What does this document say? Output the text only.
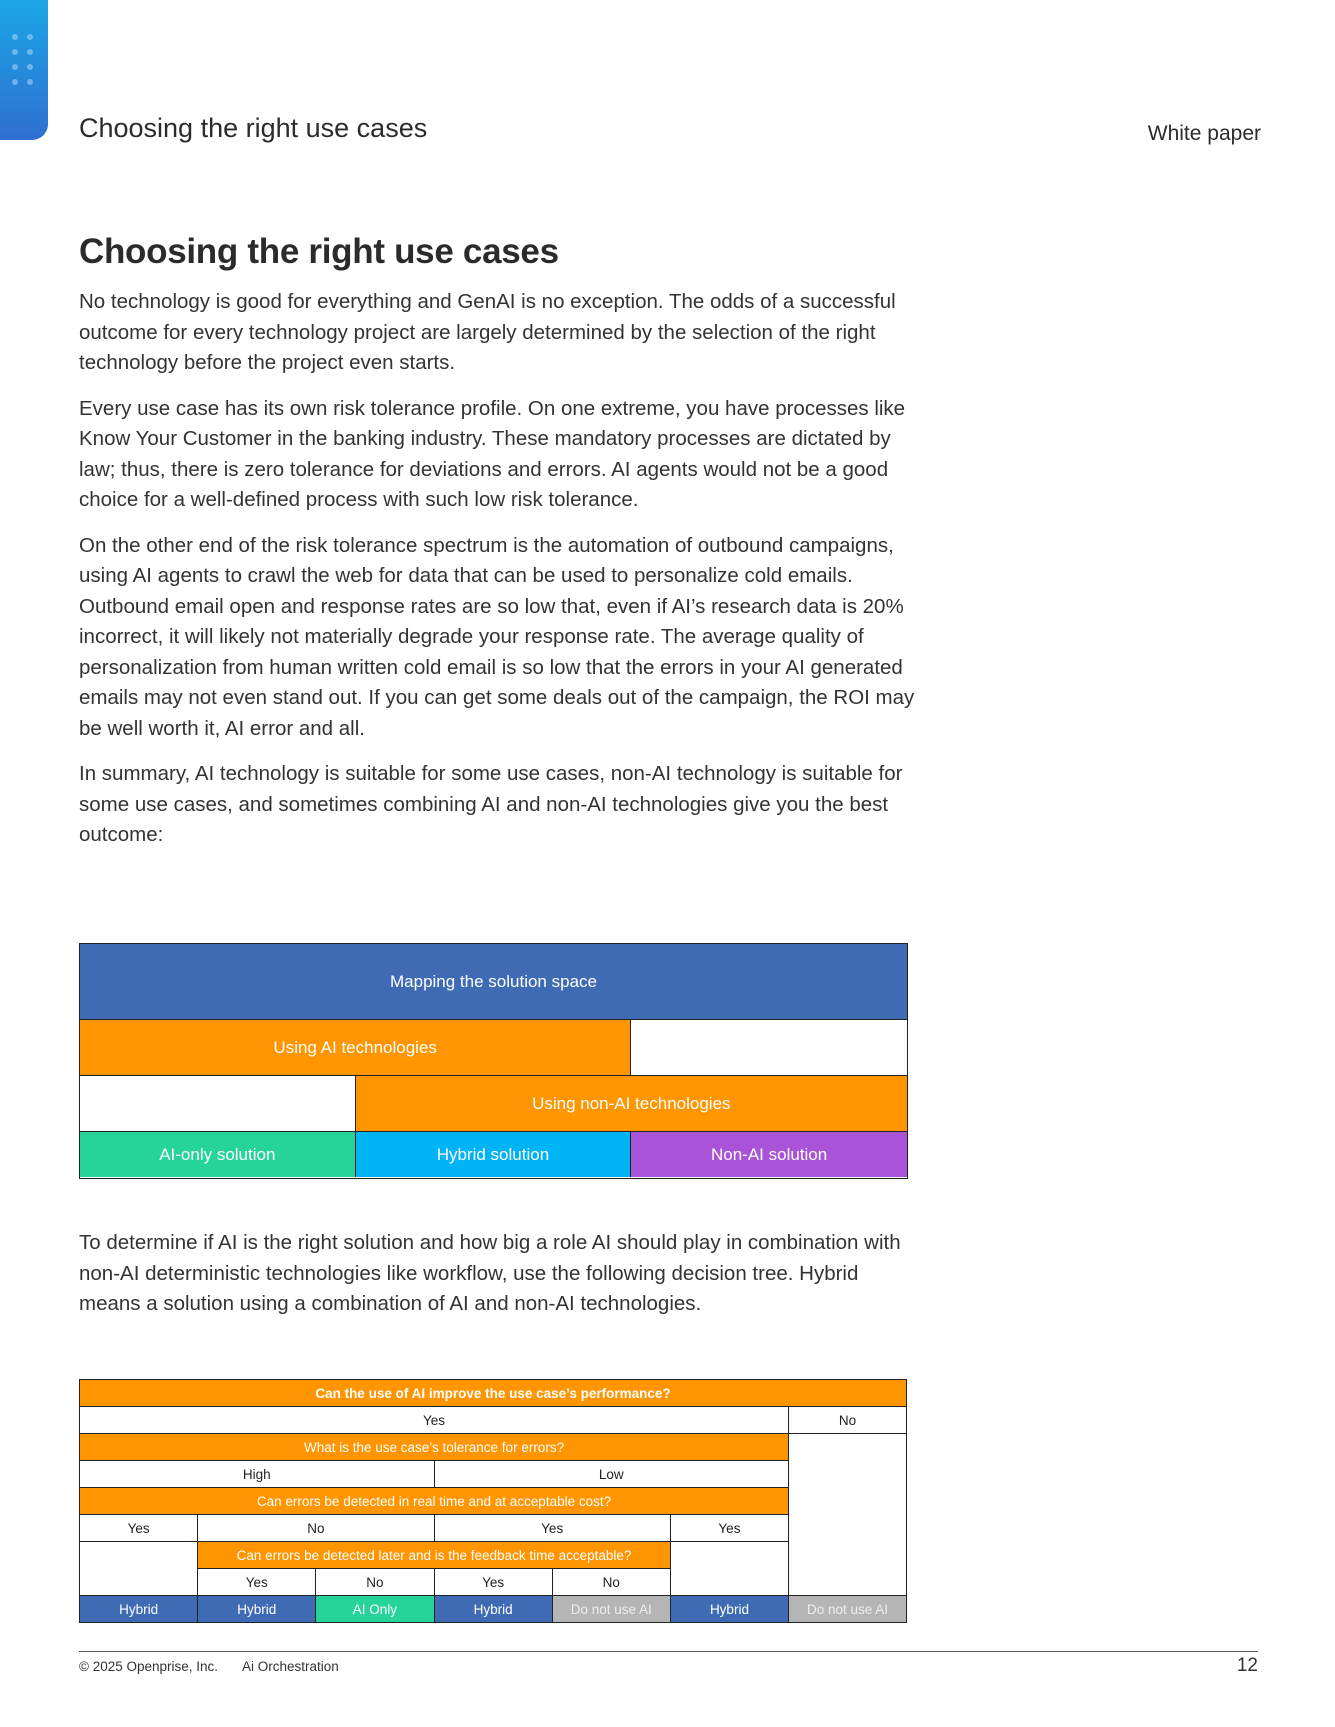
Choosing the right use cases	White paper
Choosing the right use cases

No technology is good for everything and GenAI is no exception. The odds of a successful outcome for every technology project are largely determined by the selection of the right technology before the project even starts.

Every use case has its own risk tolerance profile. On one extreme, you have processes like Know Your Customer in the banking industry. These mandatory processes are dictated by law; thus, there is zero tolerance for deviations and errors. AI agents would not be a good choice for a well-defined process with such low risk tolerance.

On the other end of the risk tolerance spectrum is the automation of outbound campaigns, using AI agents to crawl the web for data that can be used to personalize cold emails. Outbound email open and response rates are so low that, even if AI’s research data is 20% incorrect, it will likely not materially degrade your response rate. The average quality of personalization from human written cold email is so low that the errors in your AI generated emails may not even stand out. If you can get some deals out of the campaign, the ROI may be well worth it, AI error and all.

In summary, AI technology is suitable for some use cases, non-AI technology is suitable for some use cases, and sometimes combining AI and non-AI technologies give you the best outcome:

Mapping the solution space
Using AI technologies
Using non-AI technologies
AI-only solution	Hybrid solution	Non-AI solution

To determine if AI is the right solution and how big a role AI should play in combination with non-AI deterministic technologies like workflow, use the following decision tree. Hybrid means a solution using a combination of AI and non-AI technologies.

Can the use of AI improve the use case’s performance?						
Yes						No
What is the use case’s tolerance for errors?						
High			Low			
Can errors be detected in real time and at acceptable cost?						
Yes	No		Yes		Yes	
	Can errors be detected later and is the feedback time acceptable?					
	Yes	No	Yes	No		
Hybrid	Hybrid	AI Only	Hybrid	Do not use AI	Hybrid	Do not use AI
© 2025 Openprise, Inc. Ai Orchestration	12
